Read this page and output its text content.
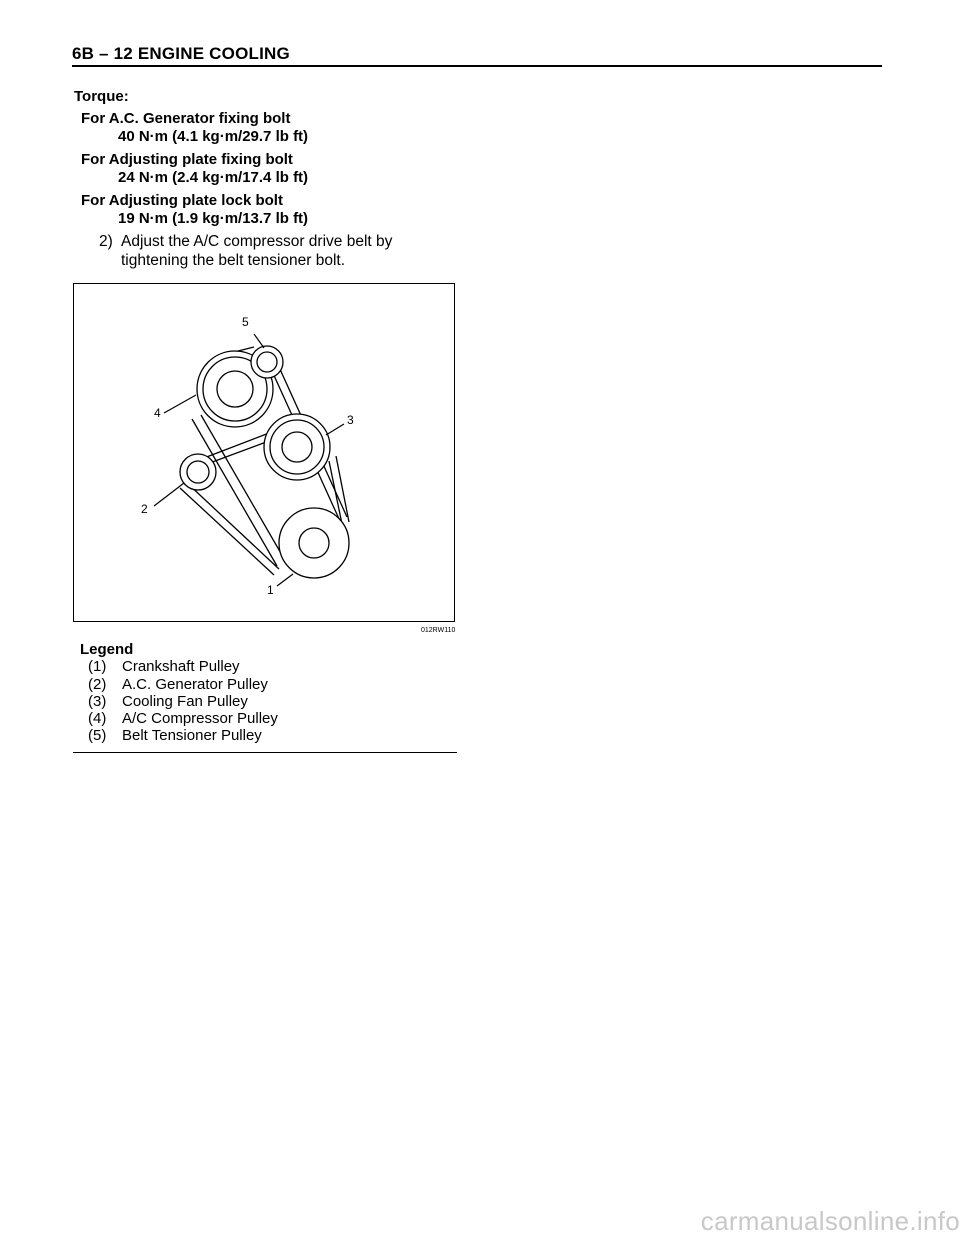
6B – 12 ENGINE COOLING
Torque:
For A.C. Generator fixing bolt
40 N·m (4.1 kg·m/29.7 lb ft)
For Adjusting plate fixing bolt
24 N·m (2.4 kg·m/17.4 lb ft)
For Adjusting plate lock bolt
19 N·m (1.9 kg·m/13.7 lb ft)
2) Adjust the A/C compressor drive belt by tightening the belt tensioner bolt.
5
4	3
2
1
012RW110
Legend
(1) Crankshaft Pulley
(2) A.C. Generator Pulley
(3) Cooling Fan Pulley
(4) A/C Compressor Pulley
(5) Belt Tensioner Pulley
carmanualsonline.info
